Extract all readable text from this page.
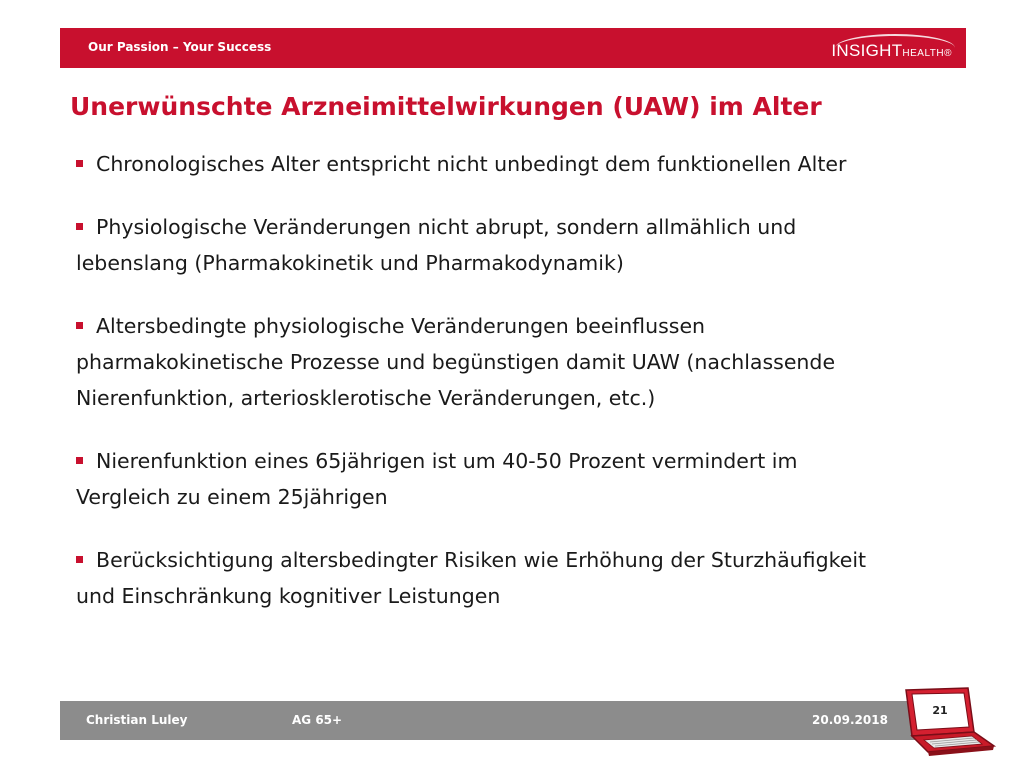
Our Passion – Your Success	INSIGHTHEALTH®
Unerwünschte Arzneimittelwirkungen (UAW) im Alter
Chronologisches Alter entspricht nicht unbedingt dem funktionellen Alter
Physiologische Veränderungen nicht abrupt, sondern allmählich und
lebenslang (Pharmakokinetik und Pharmakodynamik)
Altersbedingte physiologische Veränderungen beeinflussen
pharmakokinetische Prozesse und begünstigen damit UAW (nachlassende
Nierenfunktion, arteriosklerotische Veränderungen, etc.)
Nierenfunktion eines 65jährigen ist um 40-50 Prozent vermindert im
Vergleich zu einem 25jährigen
Berücksichtigung altersbedingter Risiken wie Erhöhung der Sturzhäufigkeit
und Einschränkung kognitiver Leistungen
Christian Luley	AG 65+	20.09.2018
21
